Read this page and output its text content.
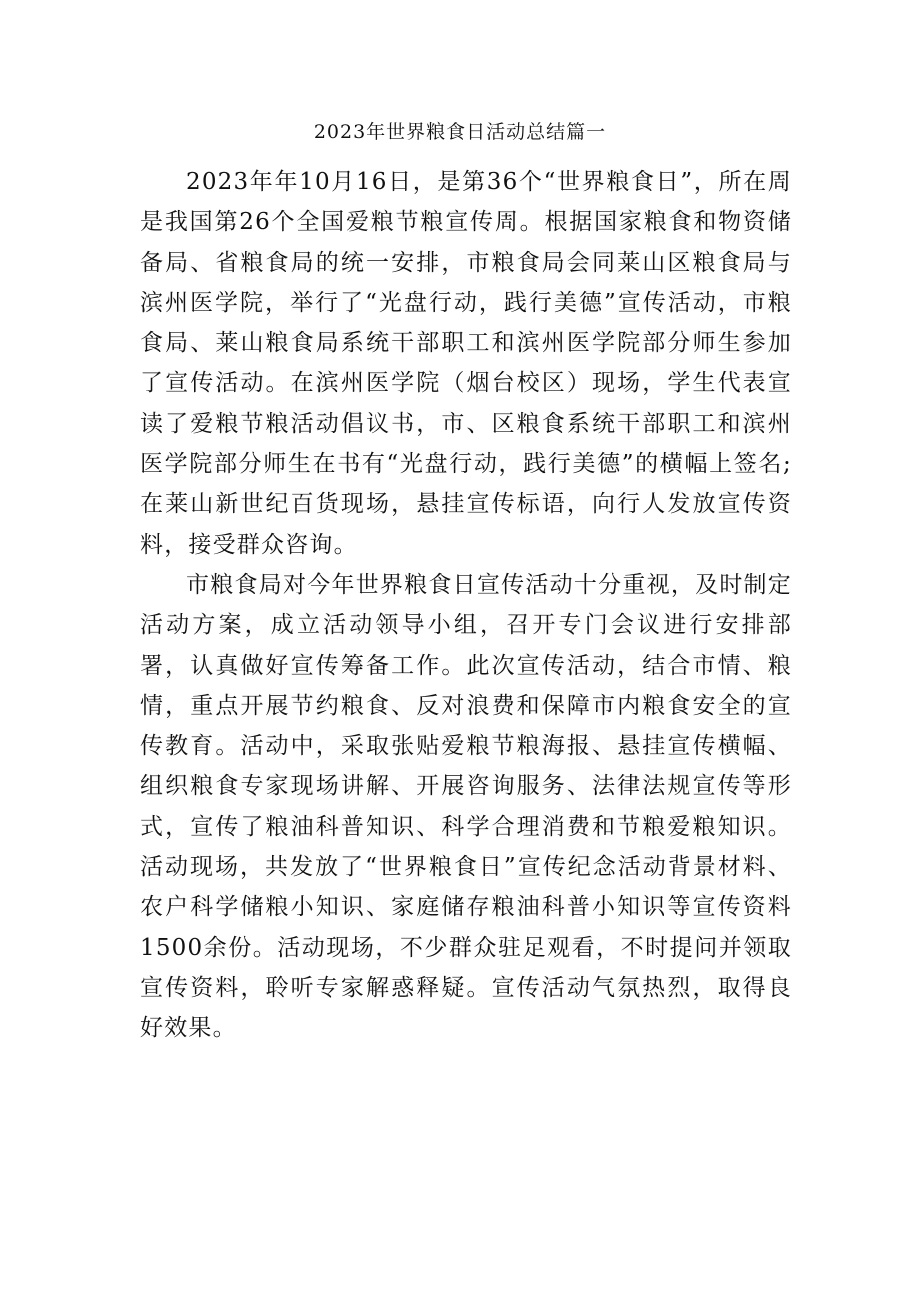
2023年世界粮食日活动总结篇一

2023年年10月16日，是第36个“世界粮食日”，所在周是我国第26个全国爱粮节粮宣传周。根据国家粮食和物资储备局、省粮食局的统一安排，市粮食局会同莱山区粮食局与滨州医学院，举行了“光盘行动，践行美德”宣传活动，市粮食局、莱山粮食局系统干部职工和滨州医学院部分师生参加了宣传活动。在滨州医学院（烟台校区）现场，学生代表宣读了爱粮节粮活动倡议书，市、区粮食系统干部职工和滨州医学院部分师生在书有“光盘行动，践行美德”的横幅上签名;在莱山新世纪百货现场，悬挂宣传标语，向行人发放宣传资料，接受群众咨询。

市粮食局对今年世界粮食日宣传活动十分重视，及时制定活动方案，成立活动领导小组，召开专门会议进行安排部署，认真做好宣传筹备工作。此次宣传活动，结合市情、粮情，重点开展节约粮食、反对浪费和保障市内粮食安全的宣传教育。活动中，采取张贴爱粮节粮海报、悬挂宣传横幅、组织粮食专家现场讲解、开展咨询服务、法律法规宣传等形式，宣传了粮油科普知识、科学合理消费和节粮爱粮知识。活动现场，共发放了“世界粮食日”宣传纪念活动背景材料、农户科学储粮小知识、家庭储存粮油科普小知识等宣传资料1500余份。活动现场，不少群众驻足观看，不时提问并领取宣传资料，聆听专家解惑释疑。宣传活动气氛热烈，取得良好效果。
